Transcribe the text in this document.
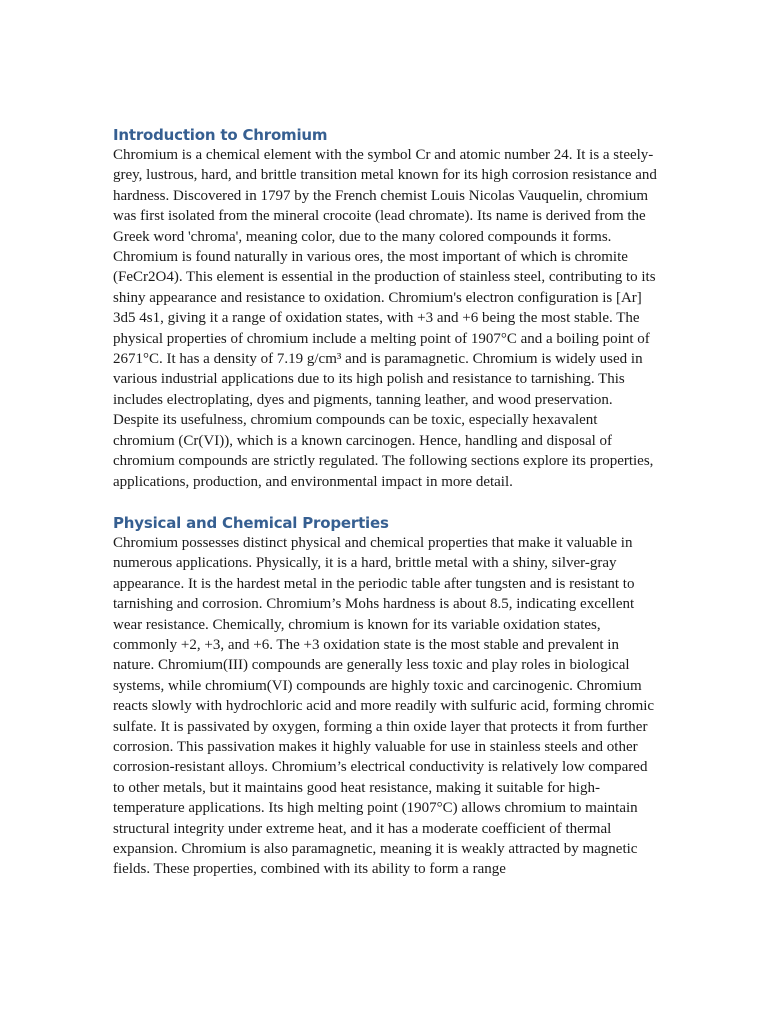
Introduction to Chromium

Chromium is a chemical element with the symbol Cr and atomic number 24. It is a steely-grey, lustrous, hard, and brittle transition metal known for its high corrosion resistance and hardness. Discovered in 1797 by the French chemist Louis Nicolas Vauquelin, chromium was first isolated from the mineral crocoite (lead chromate). Its name is derived from the Greek word 'chroma', meaning color, due to the many colored compounds it forms. Chromium is found naturally in various ores, the most important of which is chromite (FeCr2O4). This element is essential in the production of stainless steel, contributing to its shiny appearance and resistance to oxidation. Chromium's electron configuration is [Ar] 3d5 4s1, giving it a range of oxidation states, with +3 and +6 being the most stable. The physical properties of chromium include a melting point of 1907°C and a boiling point of 2671°C. It has a density of 7.19 g/cm³ and is paramagnetic. Chromium is widely used in various industrial applications due to its high polish and resistance to tarnishing. This includes electroplating, dyes and pigments, tanning leather, and wood preservation. Despite its usefulness, chromium compounds can be toxic, especially hexavalent chromium (Cr(VI)), which is a known carcinogen. Hence, handling and disposal of chromium compounds are strictly regulated. The following sections explore its properties, applications, production, and environmental impact in more detail.

Physical and Chemical Properties

Chromium possesses distinct physical and chemical properties that make it valuable in numerous applications. Physically, it is a hard, brittle metal with a shiny, silver-gray appearance. It is the hardest metal in the periodic table after tungsten and is resistant to tarnishing and corrosion. Chromium’s Mohs hardness is about 8.5, indicating excellent wear resistance. Chemically, chromium is known for its variable oxidation states, commonly +2, +3, and +6. The +3 oxidation state is the most stable and prevalent in nature. Chromium(III) compounds are generally less toxic and play roles in biological systems, while chromium(VI) compounds are highly toxic and carcinogenic. Chromium reacts slowly with hydrochloric acid and more readily with sulfuric acid, forming chromic sulfate. It is passivated by oxygen, forming a thin oxide layer that protects it from further corrosion. This passivation makes it highly valuable for use in stainless steels and other corrosion-resistant alloys. Chromium’s electrical conductivity is relatively low compared to other metals, but it maintains good heat resistance, making it suitable for high-temperature applications. Its high melting point (1907°C) allows chromium to maintain structural integrity under extreme heat, and it has a moderate coefficient of thermal expansion. Chromium is also paramagnetic, meaning it is weakly attracted by magnetic fields. These properties, combined with its ability to form a range
